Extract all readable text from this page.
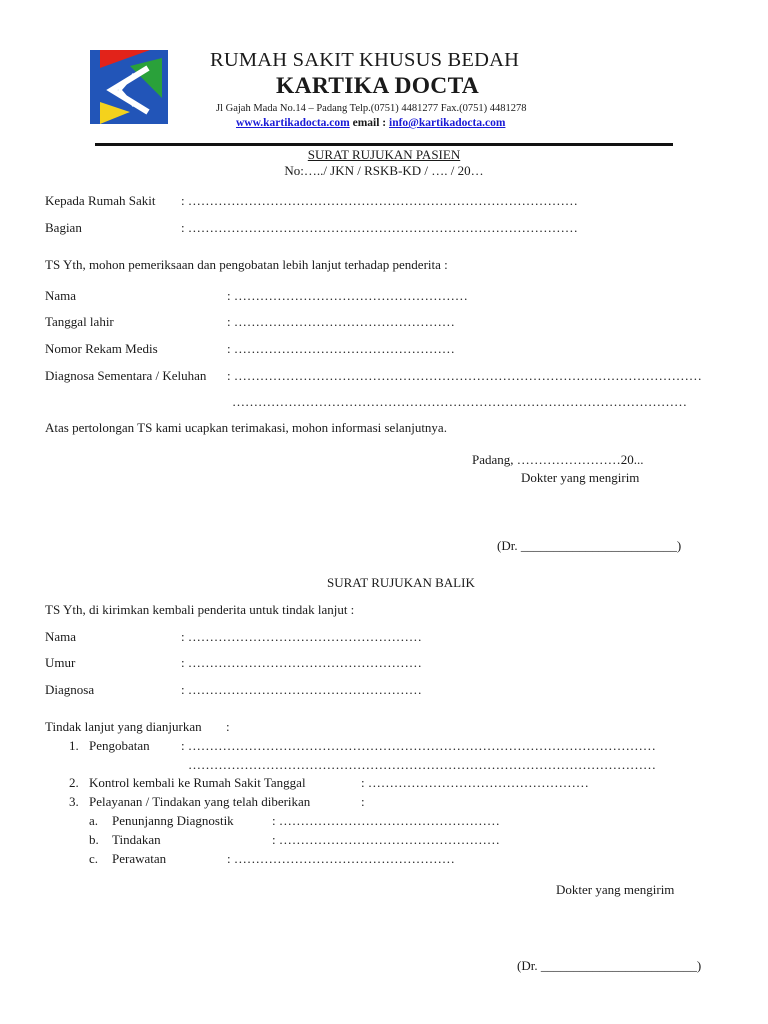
RUMAH SAKIT KHUSUS BEDAH
KARTIKA DOCTA
Jl Gajah Mada No.14 – Padang Telp.(0751) 4481277 Fax.(0751) 4481278
www.kartikadocta.com email : info@kartikadocta.com
SURAT RUJUKAN PASIEN
No:…../ JKN / RSKB-KD / …. / 20…
Kepada Rumah Sakit : ………………………………………………………………………………
Bagian	: ………………………………………………………………………………
TS Yth, mohon pemeriksaan dan pengobatan lebih lanjut terhadap penderita :
Nama	: ………………………………………………
Tanggal lahir	: ……………………………………………
Nomor Rekam Medis	: ……………………………………………
Diagnosa Sementara / Keluhan : ………………………………………………………………………………………………
……………………………………………………………………………………………
Atas pertolongan TS kami ucapkan terimakasi, mohon informasi selanjutnya.
Padang, ……………………20...
Dokter yang mengirim
(Dr. ________________________)
SURAT RUJUKAN BALIK
TS Yth, di kirimkan kembali penderita untuk tindak lanjut :
Nama	: ………………………………………………
Umur	: ………………………………………………
Diagnosa	: ………………………………………………
Tindak lanjut yang dianjurkan :
1. Pengobatan : ………………………………………………………………………………………………
………………………………………………………………………………………………
2. Kontrol kembali ke Rumah Sakit Tanggal	: ……………………………………………
3. Pelayanan / Tindakan yang telah diberikan	:
a. Penunjanng Diagnostik	: ……………………………………………
b. Tindakan	: ……………………………………………
c. Perawatan	: ……………………………………………
Dokter yang mengirim
(Dr. ________________________)
